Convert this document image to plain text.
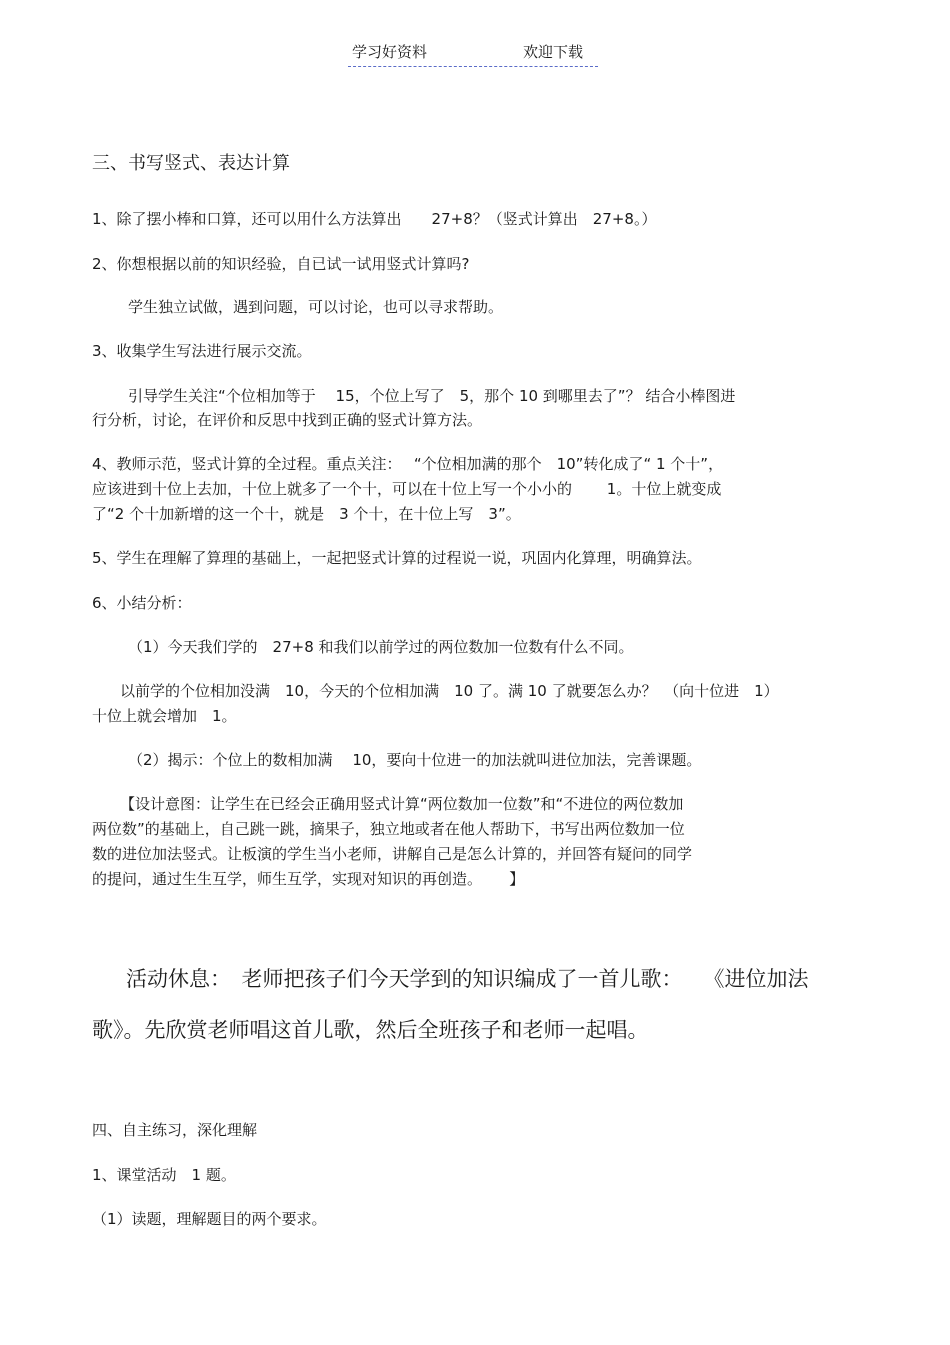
学习好资料	欢迎下载
三、书写竖式、表达计算
1、除了摆小棒和口算，还可以用什么方法算出　　27+8？（竖式计算出　27+8。）
2、你想根据以前的知识经验，自已试一试用竖式计算吗?
学生独立试做，遇到问题，可以讨论，也可以寻求帮助。
3、收集学生写法进行展示交流。
引导学生关注“个位相加等于　 15，个位上写了　5，那个 10 到哪里去了”？ 结合小棒图进
行分析，讨论，在评价和反思中找到正确的竖式计算方法。
4、教师示范，竖式计算的全过程。重点关注：　 “个位相加满的那个　10”转化成了“ 1 个十”，
应该进到十位上去加，十位上就多了一个十，可以在十位上写一个小小的　　 1。十位上就变成
了“2 个十加新增的这一个十，就是　3 个十，在十位上写　3”。
5、学生在理解了算理的基础上，一起把竖式计算的过程说一说，巩固内化算理，明确算法。
6、小结分析：
（1）今天我们学的　27+8 和我们以前学过的两位数加一位数有什么不同。
以前学的个位相加没满　10，今天的个位相加满　10 了。满 10 了就要怎么办？　（向十位进　1）
十位上就会增加　1。
（2）揭示：个位上的数相加满　 10，要向十位进一的加法就叫进位加法，完善课题。
【设计意图：让学生在已经会正确用竖式计算“两位数加一位数”和“不进位的两位数加
两位数”的基础上，自己跳一跳，摘果子，独立地或者在他人帮助下，书写出两位数加一位
数的进位加法竖式。让板演的学生当小老师，讲解自己是怎么计算的，并回答有疑问的同学
的提问，通过生生互学，师生互学，实现对知识的再创造。　　 】
活动休息：　老师把孩子们今天学到的知识编成了一首儿歌：　　《进位加法
歌》。先欣赏老师唱这首儿歌，然后全班孩子和老师一起唱。
四、自主练习，深化理解
1、课堂活动　1 题。
（1）读题，理解题目的两个要求。
